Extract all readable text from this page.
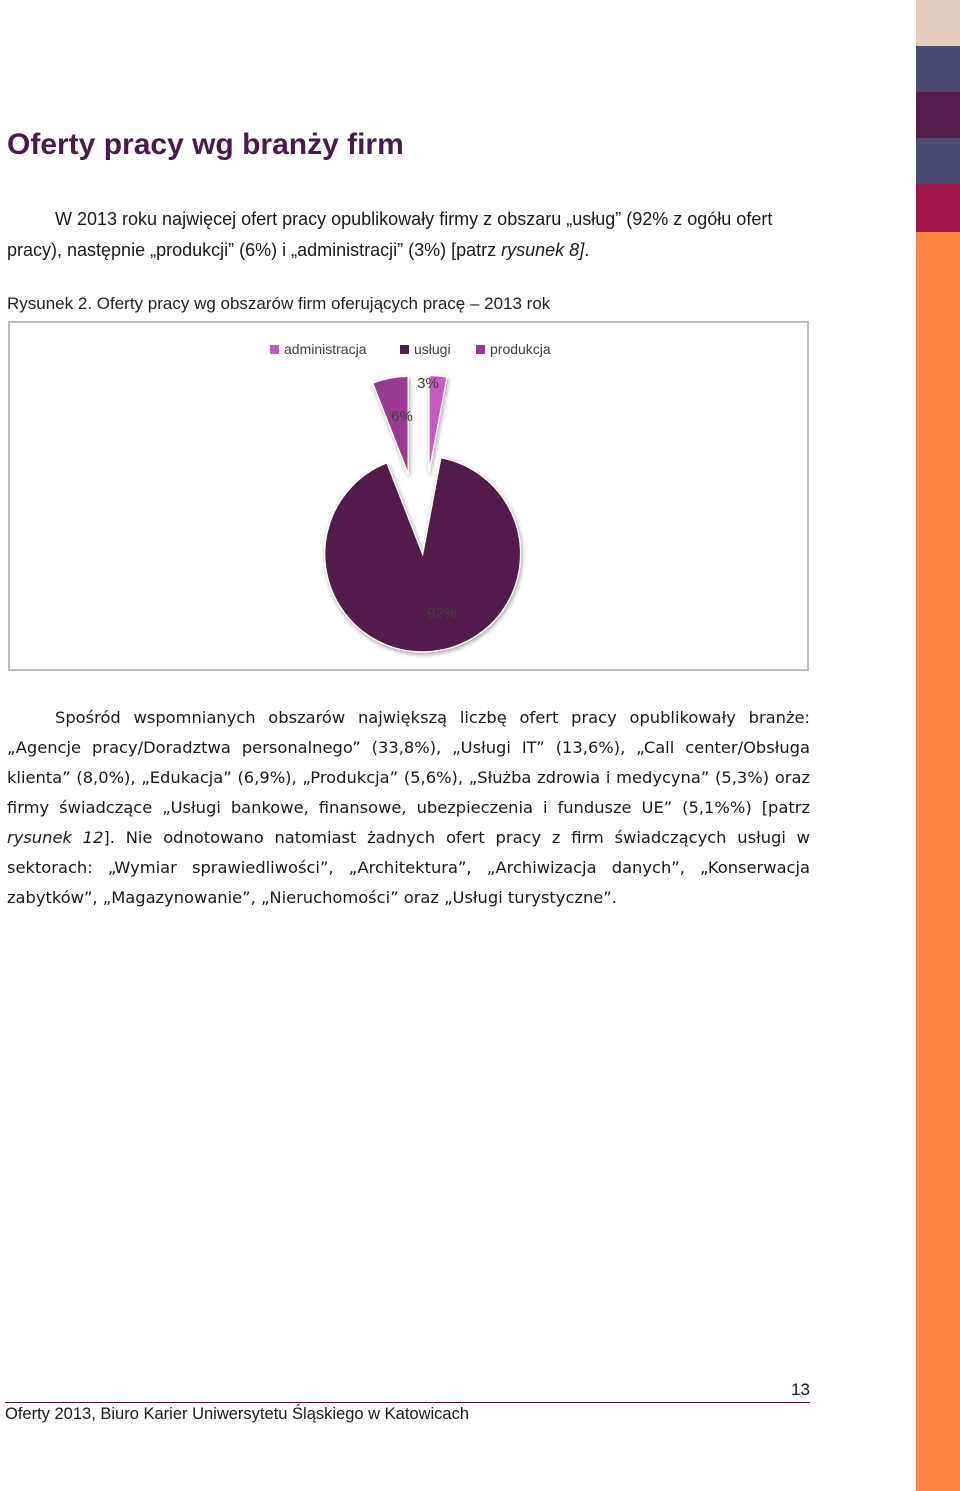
Oferty pracy wg branży firm

W 2013 roku najwięcej ofert pracy opublikowały firmy z obszaru „usług” (92% z ogółu ofert pracy), następnie „produkcji” (6%) i „administracji” (3%) [patrz rysunek 8].

Rysunek 2. Oferty pracy wg obszarów firm oferujących pracę – 2013 rok

administracja	usługi	produkcja
3%
92%
6%

Spośród wspomnianych obszarów największą liczbę ofert pracy opublikowały branże: „Agencje pracy/Doradztwa personalnego” (33,8%), „Usługi IT” (13,6%), „Call center/Obsługa klienta” (8,0%), „Edukacja” (6,9%), „Produkcja” (5,6%), „Służba zdrowia i medycyna” (5,3%) oraz firmy świadczące „Usługi bankowe, finansowe, ubezpieczenia i fundusze UE” (5,1%%) [patrz rysunek 12]. Nie odnotowano natomiast żadnych ofert pracy z firm świadczących usługi w sektorach: „Wymiar sprawiedliwości”, „Architektura”, „Archiwizacja danych”, „Konserwacja zabytków”, „Magazynowanie”, „Nieruchomości” oraz „Usługi turystyczne”.

13
Oferty 2013, Biuro Karier Uniwersytetu Śląskiego w Katowicach
